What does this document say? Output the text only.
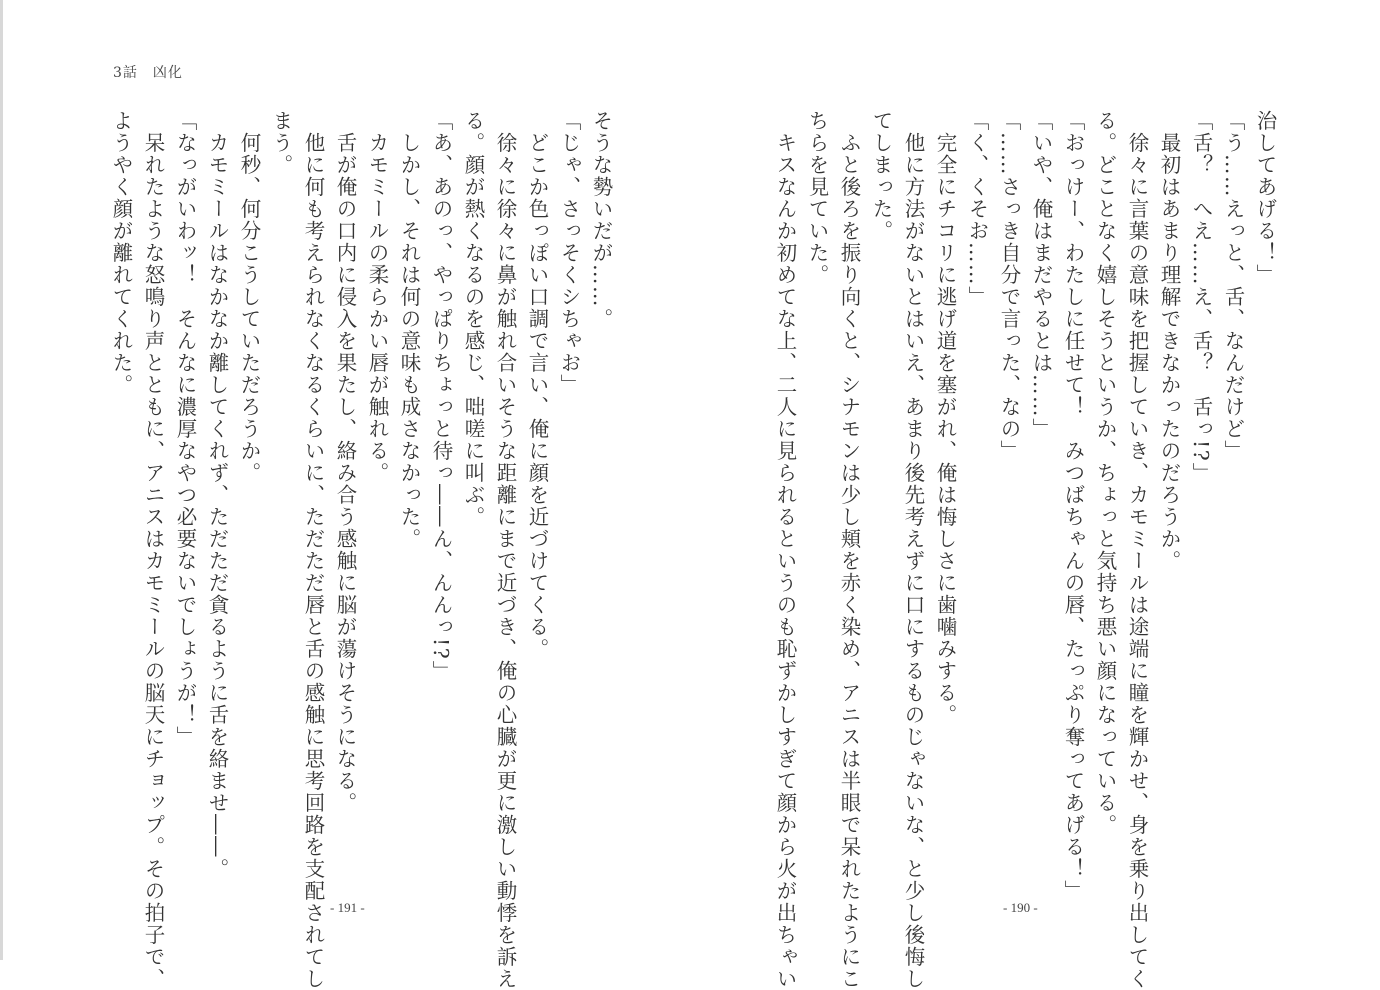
3話　凶化
そうな勢いだが……。
「じゃ、さっそくシちゃお」
　どこか色っぽい口調で言い、俺に顔を近づけてくる。
　徐々に徐々に鼻が触れ合いそうな距離にまで近づき、俺の心臓が更に激しい動悸を訴え
る。顔が熱くなるのを感じ、咄嗟に叫ぶ。
「あ、あのっ、やっぱりちょっと待っ――ん、んんっ!?」
　しかし、それは何の意味も成さなかった。
　カモミールの柔らかい唇が触れる。
　舌が俺の口内に侵入を果たし、絡み合う感触に脳が蕩けそうになる。
　他に何も考えられなくなるくらいに、ただただ唇と舌の感触に思考回路を支配されてし
まう。
　何秒、何分こうしていただろうか。
　カモミールはなかなか離してくれず、ただただ貪るように舌を絡ませ――。
「なっがいわッ！　そんなに濃厚なやつ必要ないでしょうが！」
　呆れたような怒鳴り声とともに、アニスはカモミールの脳天にチョップ。その拍子で、
ようやく顔が離れてくれた。
- 191 -
治してあげる！」
「う……えっと、舌、なんだけど」
「舌？　へえ……え、舌？　舌っ!?」
　最初はあまり理解できなかったのだろうか。
　徐々に言葉の意味を把握していき、カモミールは途端に瞳を輝かせ、身を乗り出してく
る。どことなく嬉しそうというか、ちょっと気持ち悪い顔になっている。
「おっけー、わたしに任せて！　みつばちゃんの唇、たっぷり奪ってあげる！」
「いや、俺はまだやるとは……」
「……さっき自分で言った、なの」
「く、くそお……」
　完全にチコリに逃げ道を塞がれ、俺は悔しさに歯噛みする。
　他に方法がないとはいえ、あまり後先考えずに口にするものじゃないな、と少し後悔し
てしまった。
　ふと後ろを振り向くと、シナモンは少し頬を赤く染め、アニスは半眼で呆れたようにこ
ちらを見ていた。
　キスなんか初めてな上、二人に見られるというのも恥ずかしすぎて顔から火が出ちゃい	- 190 -
